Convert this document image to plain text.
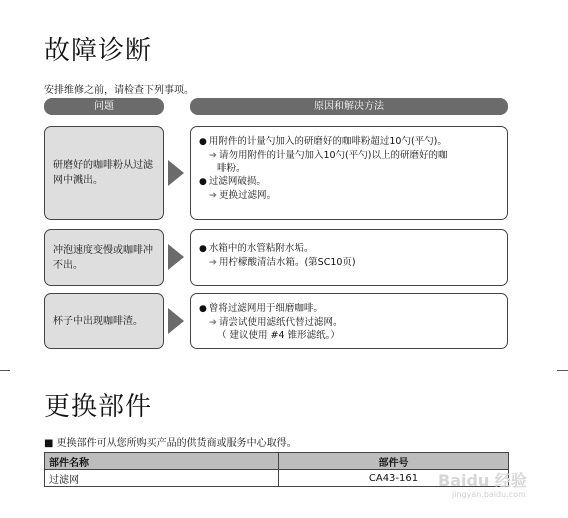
故障诊断
安排维修之前，请检查下列事项。
问题	原因和解决方法
研磨好的咖啡粉从过滤网中溅出。
● 用附件的计量勺加入的研磨好的咖啡粉超过10勺(平勺)。
➔ 请勿用附件的计量勺加入10勺(平勺)以上的研磨好的咖
啡粉。
● 过滤网破损。
➔ 更换过滤网。
冲泡速度变慢或咖啡冲不出。
● 水箱中的水管粘附水垢。
➔ 用柠檬酸清洁水箱。(第SC10页)
杯子中出现咖啡渣。
● 曾将过滤网用于细磨咖啡。
➔ 请尝试使用滤纸代替过滤网。
（ 建议使用 #4 锥形滤纸。）
更换部件
■ 更换部件可从您所购买产品的供货商或服务中心取得。
部件名称	部件号
过滤网	CA43-161 Baidu 经验
jingyan.baidu.com
